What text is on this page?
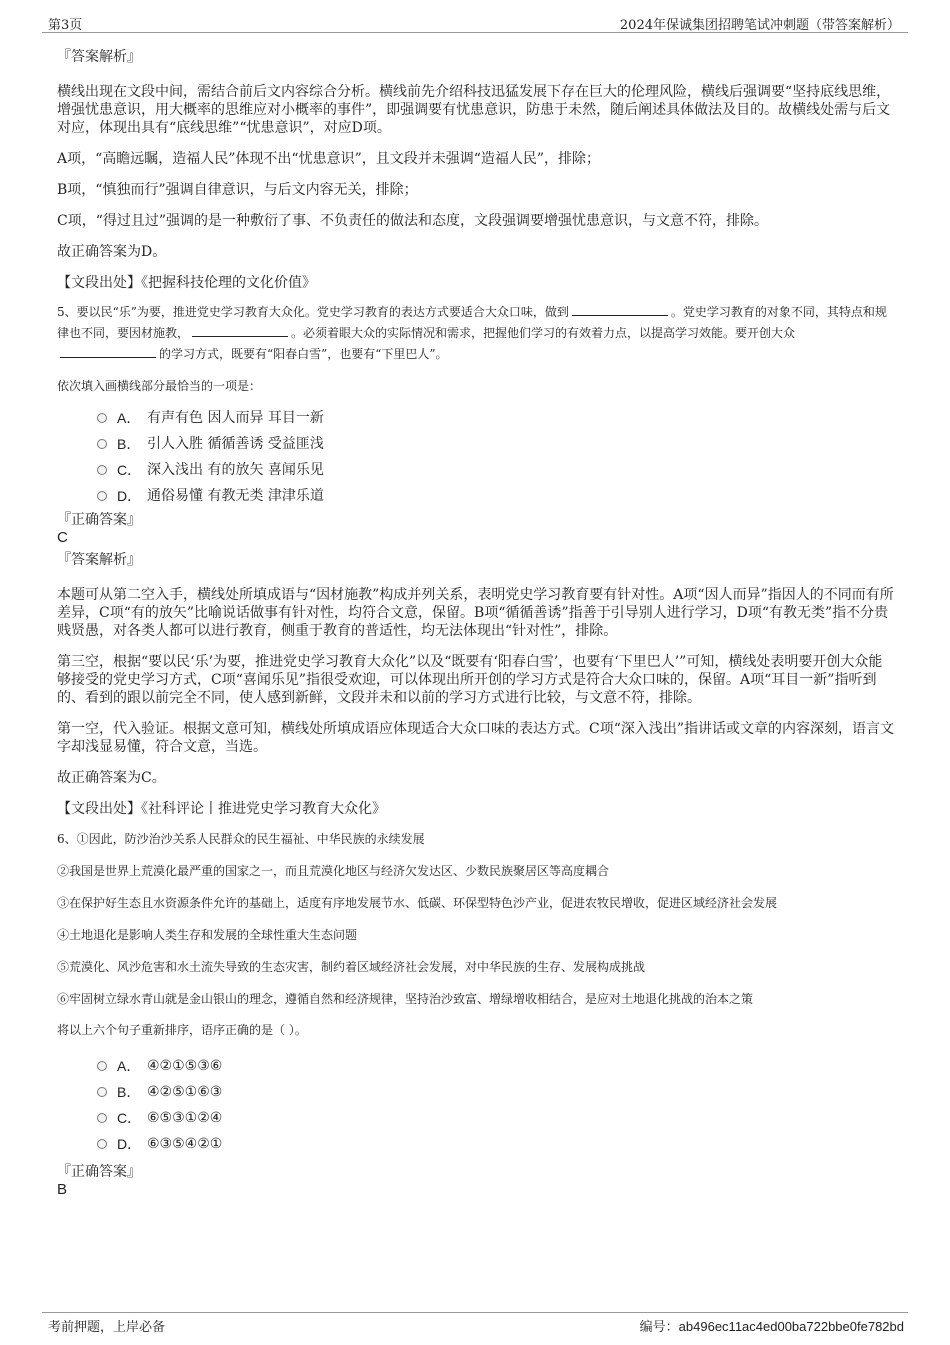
第3页	2024年保诚集团招聘笔试冲刺题（带答案解析）

『答案解析』

横线出现在文段中间，需结合前后文内容综合分析。横线前先介绍科技迅猛发展下存在巨大的伦理风险，横线后强调要“坚持底线思维，增强忧患意识，用大概率的思维应对小概率的事件”，即强调要有忧患意识，防患于未然，随后阐述具体做法及目的。故横线处需与后文对应，体现出具有“底线思维”“忧患意识”，对应D项。

A项，“高瞻远瞩，造福人民”体现不出“忧患意识”，且文段并未强调“造福人民”，排除；

B项，“慎独而行”强调自律意识，与后文内容无关，排除；

C项，“得过且过”强调的是一种敷衍了事、不负责任的做法和态度，文段强调要增强忧患意识，与文意不符，排除。

故正确答案为D。

【文段出处】《把握科技伦理的文化价值》

5、要以民“乐”为要，推进党史学习教育大众化。党史学习教育的表达方式要适合大众口味，做到	。党史学习教育的对象不同，其特点和规律也不同，要因材施教，	。必须着眼大众的实际情况和需求，把握他们学习的有效着力点，以提高学习效能。要开创大众的学习方式，既要有“阳春白雪”，也要有“下里巴人”。

依次填入画横线部分最恰当的一项是：

A． 有声有色 因人而异 耳目一新
B． 引人入胜 循循善诱 受益匪浅
C． 深入浅出 有的放矢 喜闻乐见
D． 通俗易懂 有教无类 津津乐道

『正确答案』

C

『答案解析』

本题可从第二空入手，横线处所填成语与“因材施教”构成并列关系，表明党史学习教育要有针对性。A项“因人而异”指因人的不同而有所差异，C项“有的放矢”比喻说话做事有针对性，均符合文意，保留。B项“循循善诱”指善于引导别人进行学习，D项“有教无类”指不分贵贱贤愚，对各类人都可以进行教育，侧重于教育的普适性，均无法体现出“针对性”，排除。

第三空，根据“要以民‘乐’为要，推进党史学习教育大众化”以及“既要有‘阳春白雪’，也要有‘下里巴人’”可知，横线处表明要开创大众能够接受的党史学习方式，C项“喜闻乐见”指很受欢迎，可以体现出所开创的学习方式是符合大众口味的，保留。A项“耳目一新”指听到的、看到的跟以前完全不同，使人感到新鲜，文段并未和以前的学习方式进行比较，与文意不符，排除。

第一空，代入验证。根据文意可知，横线处所填成语应体现适合大众口味的表达方式。C项“深入浅出”指讲话或文章的内容深刻，语言文字却浅显易懂，符合文意，当选。

故正确答案为C。

【文段出处】《社科评论丨推进党史学习教育大众化》

6、①因此，防沙治沙关系人民群众的民生福祉、中华民族的永续发展

②我国是世界上荒漠化最严重的国家之一，而且荒漠化地区与经济欠发达区、少数民族聚居区等高度耦合

③在保护好生态且水资源条件允许的基础上，适度有序地发展节水、低碳、环保型特色沙产业，促进农牧民增收，促进区域经济社会发展

④土地退化是影响人类生存和发展的全球性重大生态问题

⑤荒漠化、风沙危害和水土流失导致的生态灾害，制约着区域经济社会发展，对中华民族的生存、发展构成挑战

⑥牢固树立绿水青山就是金山银山的理念，遵循自然和经济规律，坚持治沙致富、增绿增收相结合，是应对土地退化挑战的治本之策

将以上六个句子重新排序，语序正确的是（ ）。

A． ④②①⑤③⑥
B． ④②⑤①⑥③
C． ⑥⑤③①②④
D． ⑥③⑤④②①

『正确答案』

B

考前押题，上岸必备	编号：ab496ec11ac4ed00ba722bbe0fe782bd
